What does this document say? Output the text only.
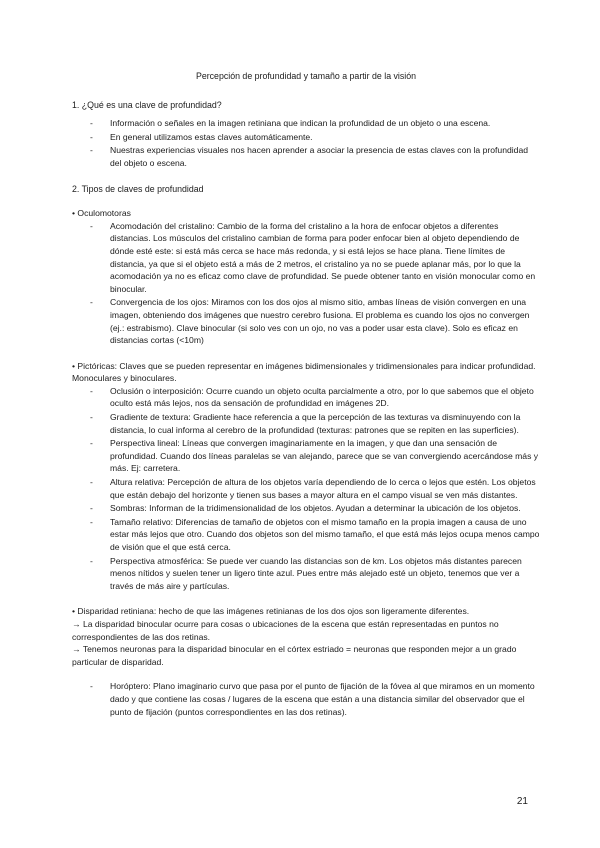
Percepción de profundidad y tamaño a partir de la visión
1. ¿Qué es una clave de profundidad?
- Información o señales en la imagen retiniana que indican la profundidad de un objeto o una escena.
- En general utilizamos estas claves automáticamente.
- Nuestras experiencias visuales nos hacen aprender a asociar la presencia de estas claves con la profundidad del objeto o escena.
2. Tipos de claves de profundidad
• Oculomotoras
- Acomodación del cristalino: Cambio de la forma del cristalino a la hora de enfocar objetos a diferentes distancias. Los músculos del cristalino cambian de forma para poder enfocar bien al objeto dependiendo de dónde esté este: si está más cerca se hace más redonda, y si está lejos se hace plana. Tiene límites de distancia, ya que si el objeto está a más de 2 metros, el cristalino ya no se puede aplanar más, por lo que la acomodación ya no es eficaz como clave de profundidad. Se puede obtener tanto en visión monocular como en binocular.
- Convergencia de los ojos: Miramos con los dos ojos al mismo sitio, ambas líneas de visión convergen en una imagen, obteniendo dos imágenes que nuestro cerebro fusiona. El problema es cuando los ojos no convergen (ej.: estrabismo). Clave binocular (si solo ves con un ojo, no vas a poder usar esta clave). Solo es eficaz en distancias cortas (<10m)
• Pictóricas: Claves que se pueden representar en imágenes bidimensionales y tridimensionales para indicar profundidad. Monoculares y binoculares.
- Oclusión o interposición: Ocurre cuando un objeto oculta parcialmente a otro, por lo que sabemos que el objeto oculto está más lejos, nos da sensación de profundidad en imágenes 2D.
- Gradiente de textura: Gradiente hace referencia a que la percepción de las texturas va disminuyendo con la distancia, lo cual informa al cerebro de la profundidad (texturas: patrones que se repiten en las superficies).
- Perspectiva lineal: Líneas que convergen imaginariamente en la imagen, y que dan una sensación de profundidad. Cuando dos líneas paralelas se van alejando, parece que se van convergiendo acercándose más y más. Ej: carretera.
- Altura relativa: Percepción de altura de los objetos varía dependiendo de lo cerca o lejos que estén. Los objetos que están debajo del horizonte y tienen sus bases a mayor altura en el campo visual se ven más distantes.
- Sombras: Informan de la tridimensionalidad de los objetos. Ayudan a determinar la ubicación de los objetos.
- Tamaño relativo: Diferencias de tamaño de objetos con el mismo tamaño en la propia imagen a causa de uno estar más lejos que otro. Cuando dos objetos son del mismo tamaño, el que está más lejos ocupa menos campo de visión que el que está cerca.
- Perspectiva atmosférica: Se puede ver cuando las distancias son de km. Los objetos más distantes parecen menos nítidos y suelen tener un ligero tinte azul. Pues entre más alejado esté un objeto, tenemos que ver a través de más aire y partículas.
• Disparidad retiniana: hecho de que las imágenes retinianas de los dos ojos son ligeramente diferentes.
→ La disparidad binocular ocurre para cosas o ubicaciones de la escena que están representadas en puntos no correspondientes de las dos retinas.
→ Tenemos neuronas para la disparidad binocular en el córtex estriado = neuronas que responden mejor a un grado particular de disparidad.
- Horóptero: Plano imaginario curvo que pasa por el punto de fijación de la fóvea al que miramos en un momento dado y que contiene las cosas / lugares de la escena que están a una distancia similar del observador que el punto de fijación (puntos correspondientes en las dos retinas).
21
